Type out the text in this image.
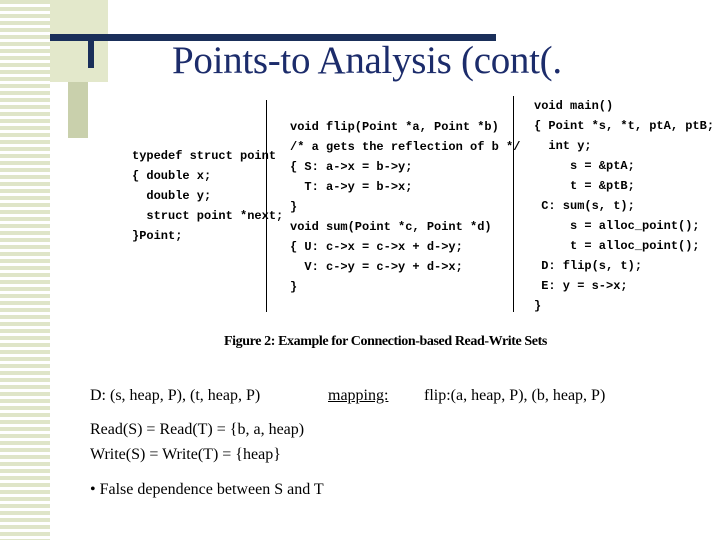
Points-to Analysis (cont(.
typedef struct point
{ double x;
double y;
struct point *next;
}Point;
void flip(Point *a, Point *b)
/* a gets the reflection of b */
{ S: a->x = b->y;
T: a->y = b->x;
}
void sum(Point *c, Point *d)
{ U: c->x = c->x + d->y;
V: c->y = c->y + d->x;
}
void main()
{ Point *s, *t, ptA, ptB;
int y;
s = &ptA;
t = &ptB;
C: sum(s, t);
s = alloc_point();
t = alloc_point();
D: flip(s, t);
E: y = s->x;
}
Figure 2: Example for Connection-based Read-Write Sets
D: (s, heap, P), (t, heap, P)	mapping: flip:(a, heap, P), (b, heap, P)
Read(S) = Read(T) = {b, a, heap)
Write(S) = Write(T) = {heap}
• False dependence between S and T
